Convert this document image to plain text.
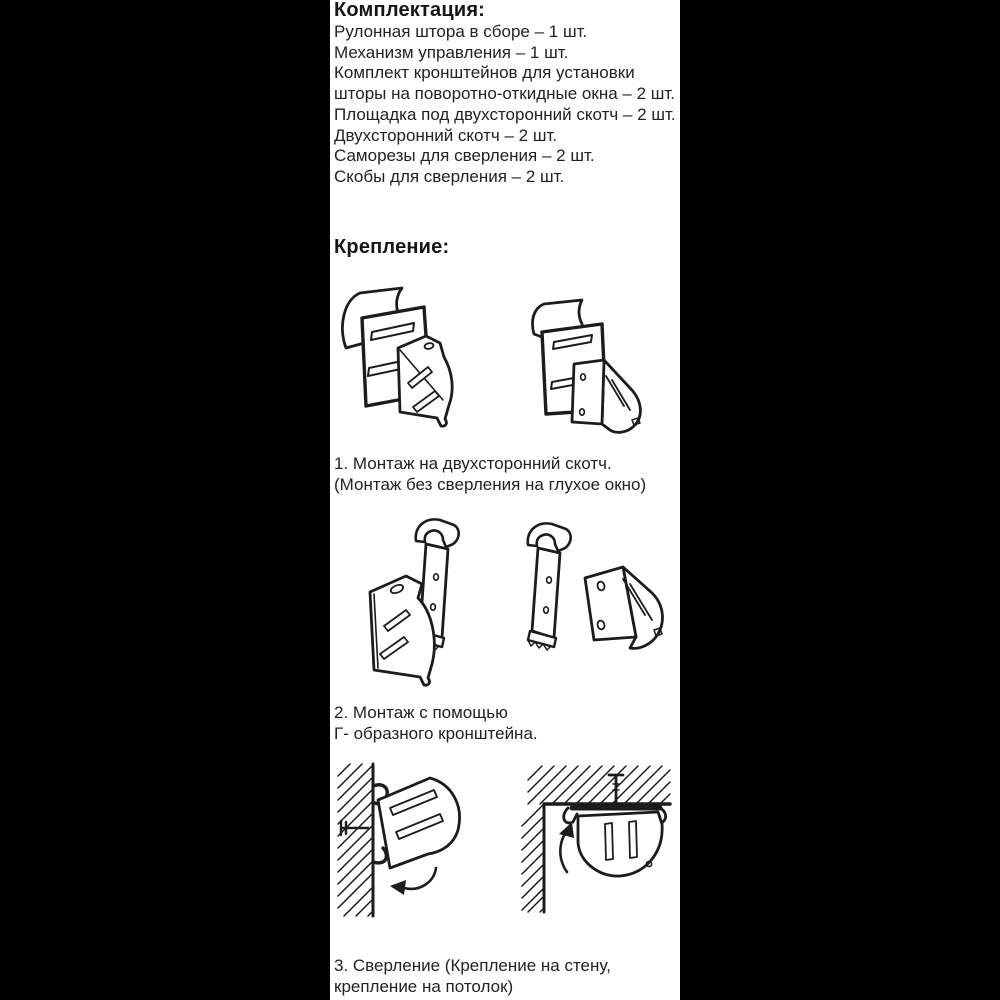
Комплектация:
Рулонная штора в сборе – 1 шт.
Механизм управления – 1 шт.
Комплект кронштейнов для установки
шторы на поворотно-откидные окна – 2 шт.
Площадка под двухсторонний скотч – 2 шт.
Двухсторонний скотч – 2 шт.
Саморезы для сверления – 2 шт.
Скобы для сверления – 2 шт.
Крепление:
1. Монтаж на двухсторонний скотч.
(Монтаж без сверления на глухое окно)
2. Монтаж с помощью
Г- образного кронштейна.
3. Сверление (Крепление на стену,
крепление на потолок)
